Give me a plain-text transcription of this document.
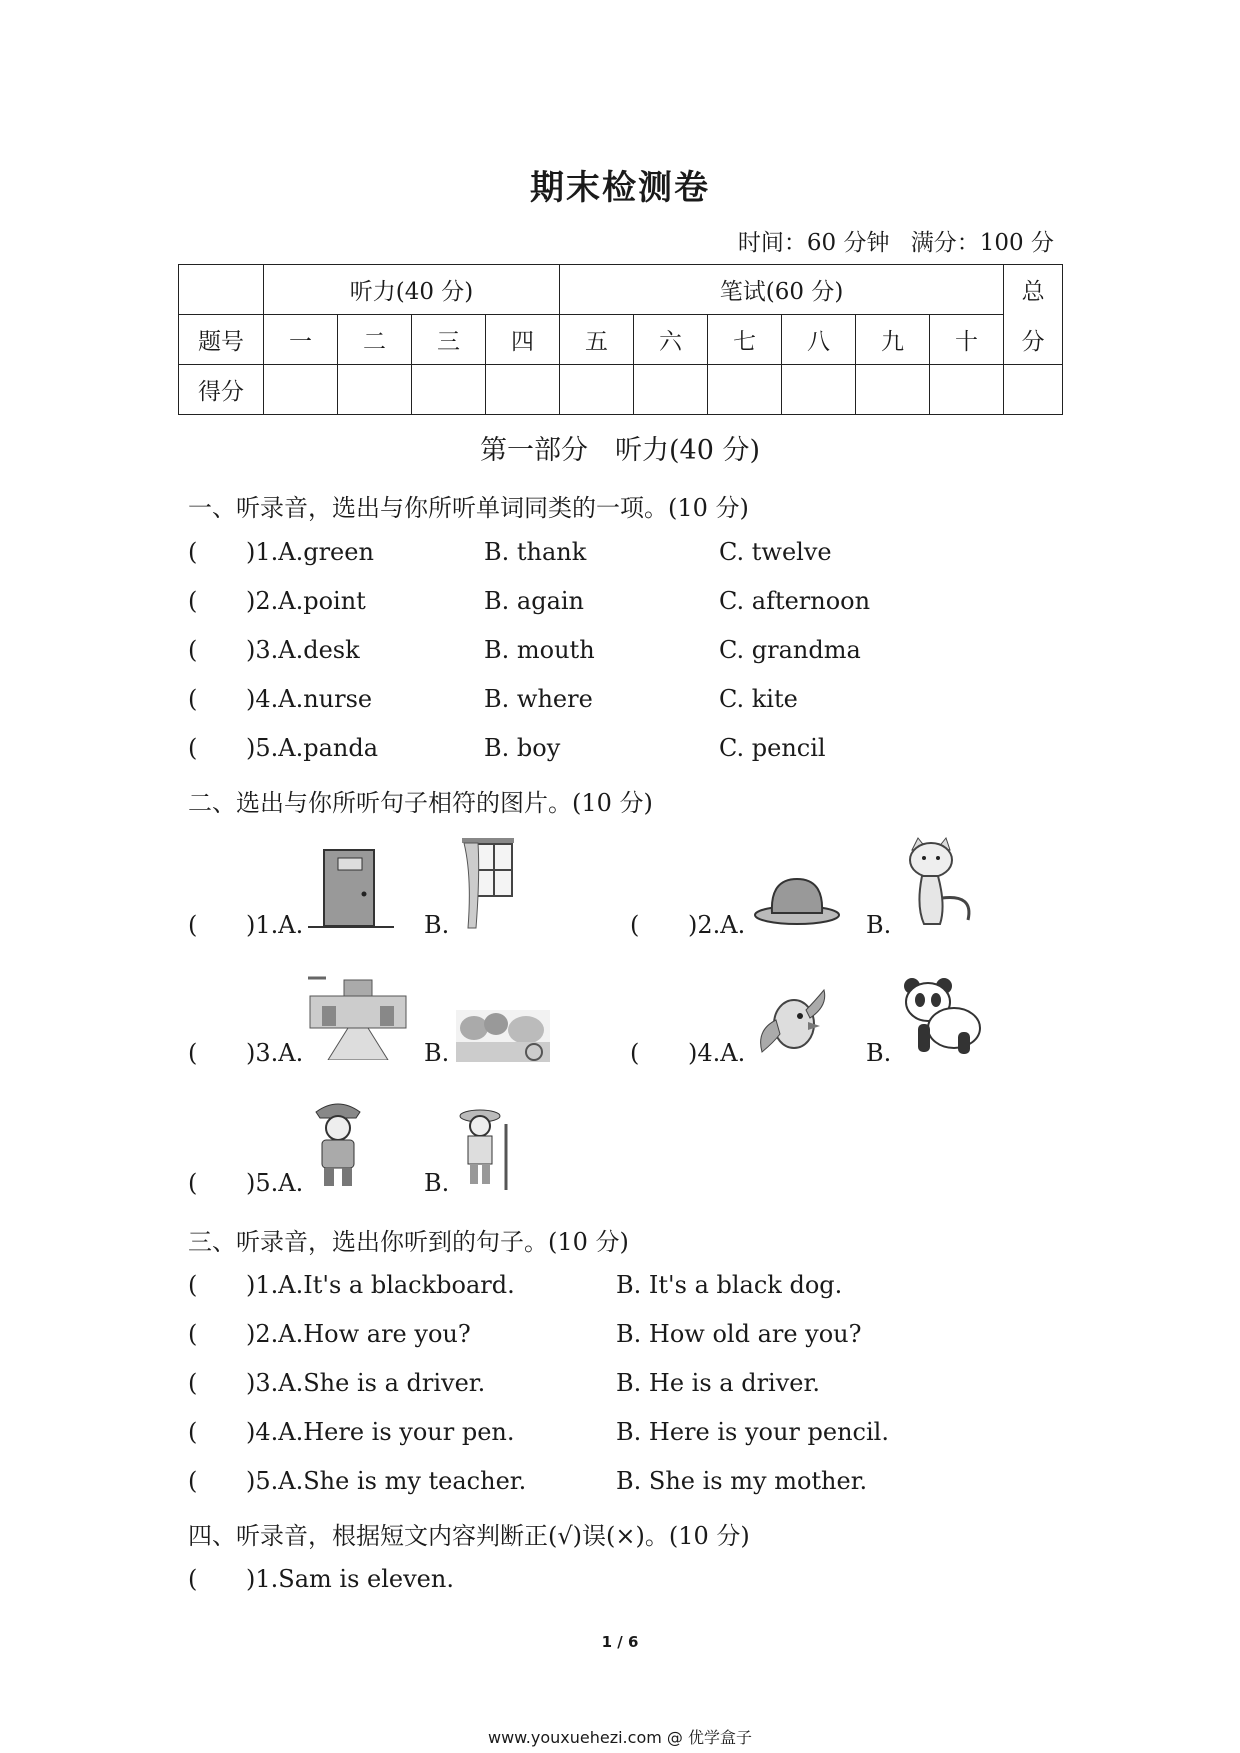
期末检测卷
时间：60 分钟 满分：100 分
	听力(40 分)				笔试(60 分)						总
题号	一	二	三	四	五	六	七	八	九	十	分
得分											
第一部分　听力(40 分)
一、听录音，选出与你所听单词同类的一项。(10 分)
( )1.A.green	B. thank	C. twelve
( )2.A.point	B. again	C. afternoon
( )3.A.desk	B. mouth	C. grandma
( )4.A.nurse	B. where	C. kite
( )5.A.panda	B. boy	C. pencil
二、选出与你所听句子相符的图片。(10 分)
( )1.A.	B.	( )2.A.	B.
( )3.A.	B.	( )4.A.	B.
( )5.A.	B.
三、听录音，选出你听到的句子。(10 分)
( )1.A.It's a blackboard.	B. It's a black dog.
( )2.A.How are you?	B. How old are you?
( )3.A.She is a driver.	B. He is a driver.
( )4.A.Here is your pen.	B. Here is your pencil.
( )5.A.She is my teacher.	B. She is my mother.
四、听录音，根据短文内容判断正(√)误(×)。(10 分)
( )1.Sam is eleven.
1 / 6
www.youxuehezi.com @ 优学盒子
